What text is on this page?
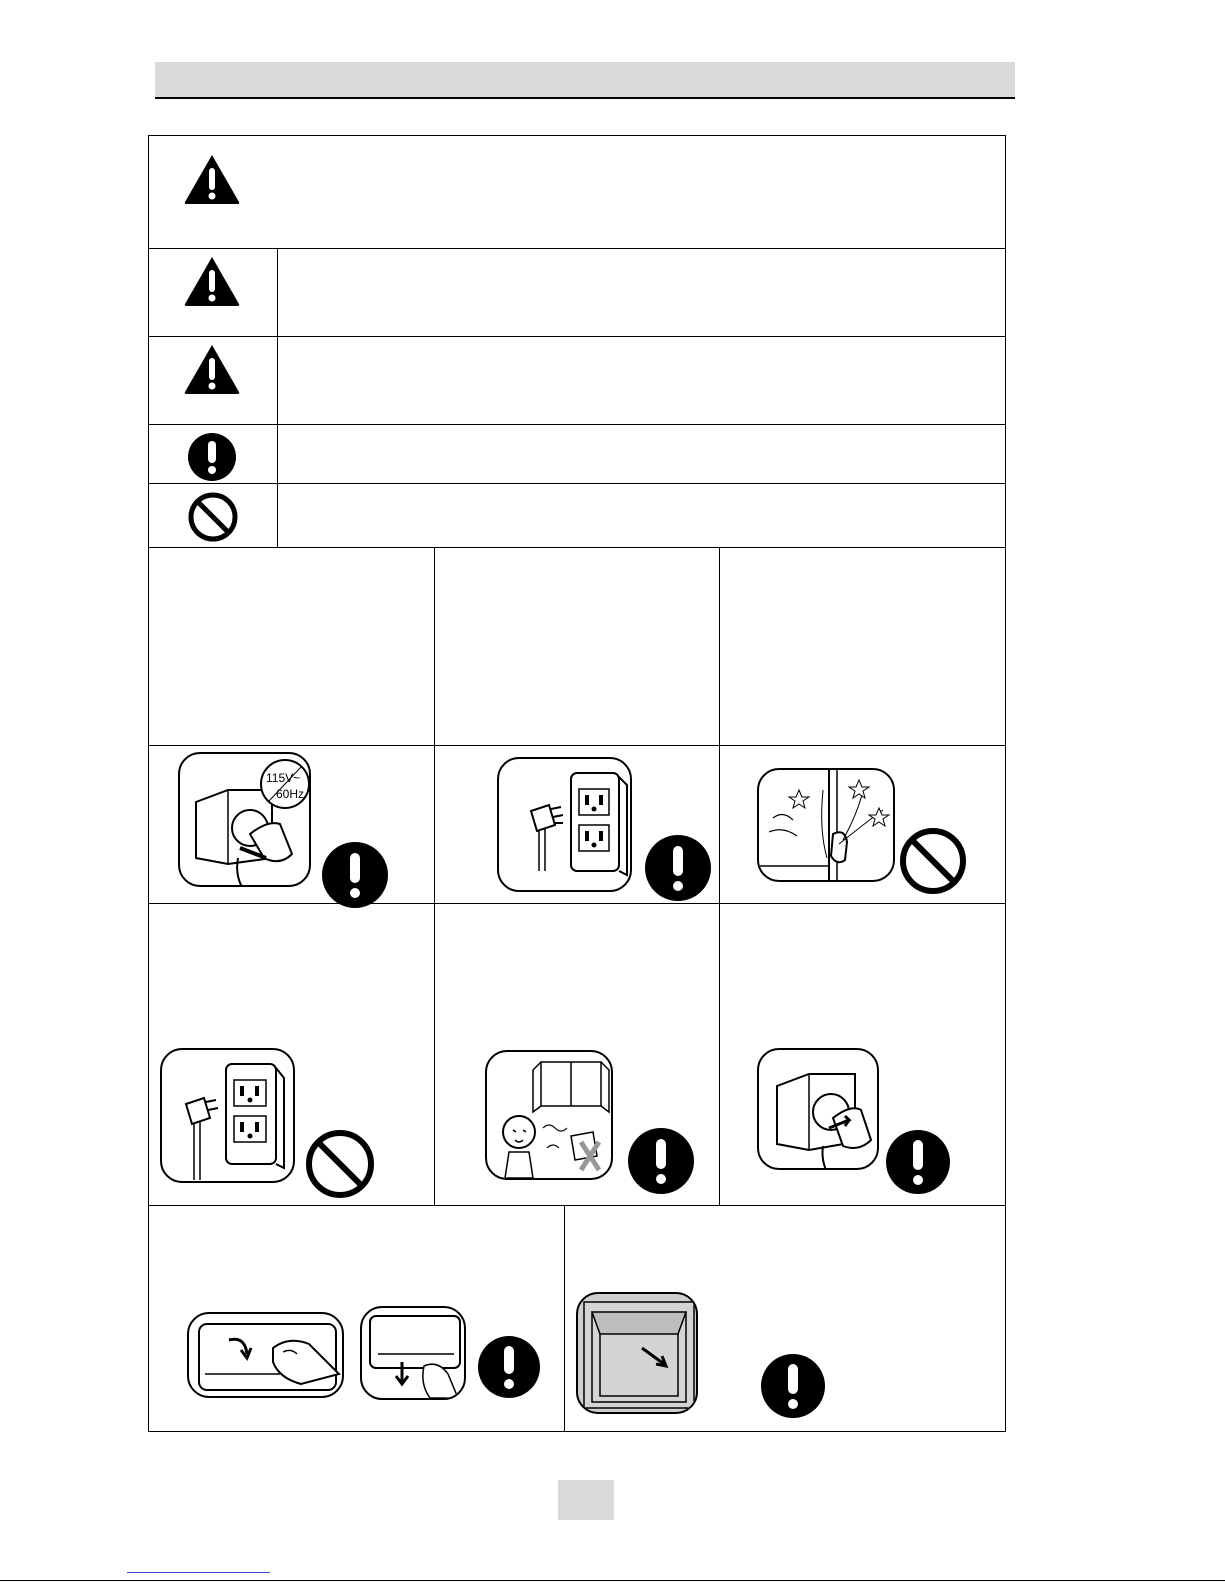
115V~
60Hz
